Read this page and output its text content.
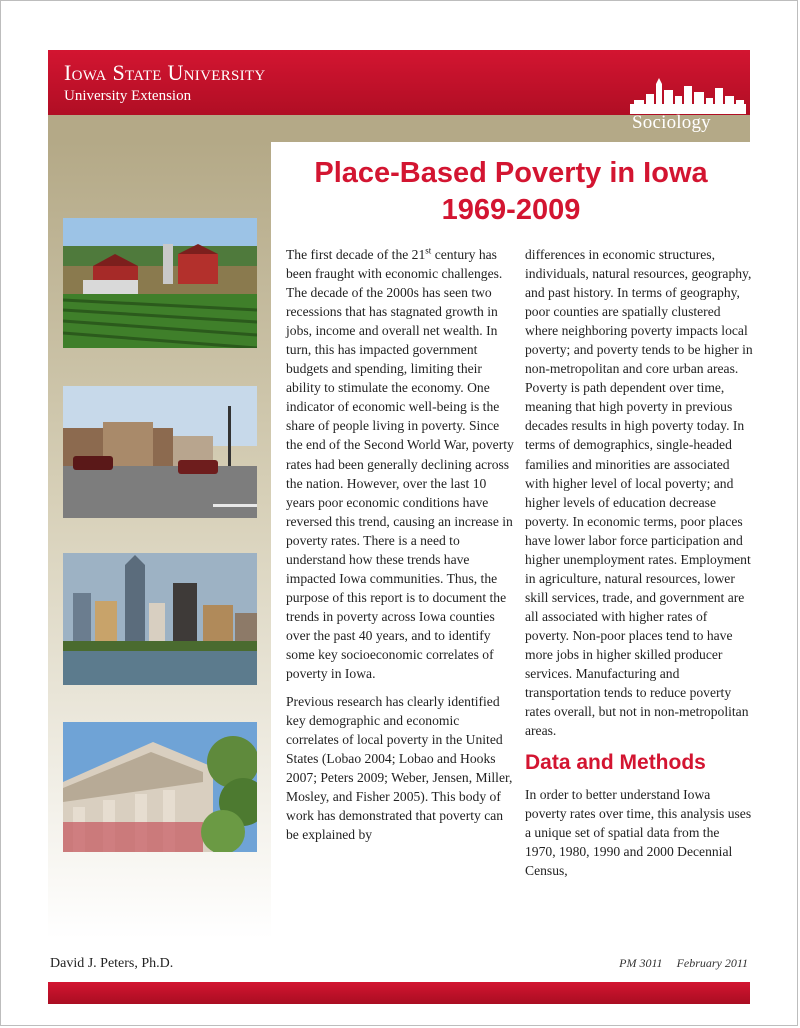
Iowa State University
University Extension
Sociology
Place-Based Poverty in Iowa
1969-2009

The first decade of the 21st century has been fraught with economic challenges. The decade of the 2000s has seen two recessions that has stagnated growth in jobs, income and overall net wealth. In turn, this has impacted government budgets and spending, limiting their ability to stimulate the economy. One indicator of economic well-being is the share of people living in poverty. Since the end of the Second World War, poverty rates had been generally declining across the nation. However, over the last 10 years poor economic conditions have reversed this trend, causing an increase in poverty rates. There is a need to understand how these trends have impacted Iowa communities. Thus, the purpose of this report is to document the trends in poverty across Iowa counties over the past 40 years, and to identify some key socioeconomic correlates of poverty in Iowa.

Previous research has clearly identified key demographic and economic correlates of local poverty in the United States (Lobao 2004; Lobao and Hooks 2007; Peters 2009; Weber, Jensen, Miller, Mosley, and Fisher 2005). This body of work has demonstrated that poverty can be explained by

differences in economic structures, individuals, natural resources, geography, and past history. In terms of geography, poor counties are spatially clustered where neighboring poverty impacts local poverty; and poverty tends to be higher in non-metropolitan and core urban areas. Poverty is path dependent over time, meaning that high poverty in previous decades results in high poverty today. In terms of demographics, single-headed families and minorities are associated with higher level of local poverty; and higher levels of education decrease poverty. In economic terms, poor places have lower labor force participation and higher unemployment rates. Employment in agriculture, natural resources, lower skill services, trade, and government are all associated with higher rates of poverty. Non-poor places tend to have more jobs in higher skilled producer services. Manufacturing and transportation tends to reduce poverty rates overall, but not in non-metropolitan areas.

Data and Methods

In order to better understand Iowa poverty rates over time, this analysis uses a unique set of spatial data from the 1970, 1980, 1990 and 2000 Decennial Census,

David J. Peters, Ph.D.	PM 3011 February 2011
